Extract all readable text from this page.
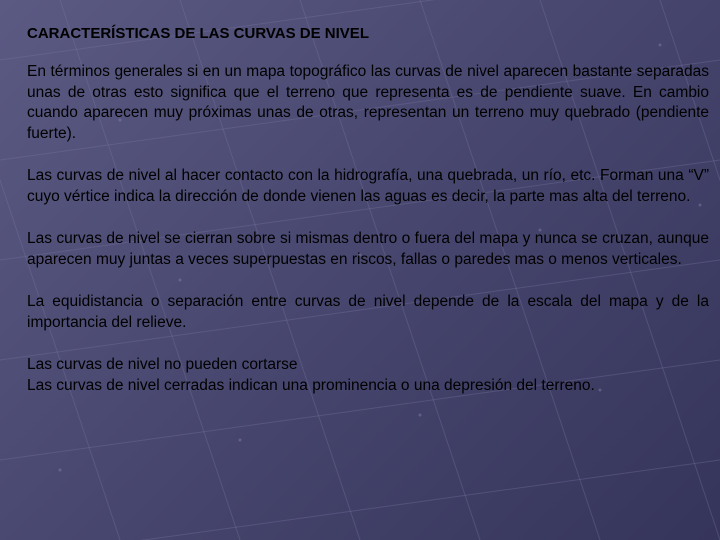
CARACTERÍSTICAS DE LAS CURVAS DE NIVEL

En términos generales si en un mapa topográfico las curvas de nivel aparecen bastante separadas unas de otras esto significa que el terreno que representa es de pendiente suave. En cambio cuando aparecen muy próximas unas de otras, representan un terreno muy quebrado (pendiente fuerte).

Las curvas de nivel al hacer contacto con la hidrografía, una quebrada, un río, etc. Forman una “V” cuyo vértice indica la dirección de donde vienen las aguas es decir, la parte mas alta del terreno.

Las curvas de nivel se cierran sobre si mismas dentro o fuera del mapa y nunca se cruzan, aunque aparecen muy juntas a veces superpuestas en riscos, fallas o paredes mas o menos verticales.

La equidistancia o separación entre curvas de nivel depende de la escala del mapa y de la importancia del relieve.

Las curvas de nivel no pueden cortarse
Las curvas de nivel cerradas indican una prominencia o una depresión del terreno.
